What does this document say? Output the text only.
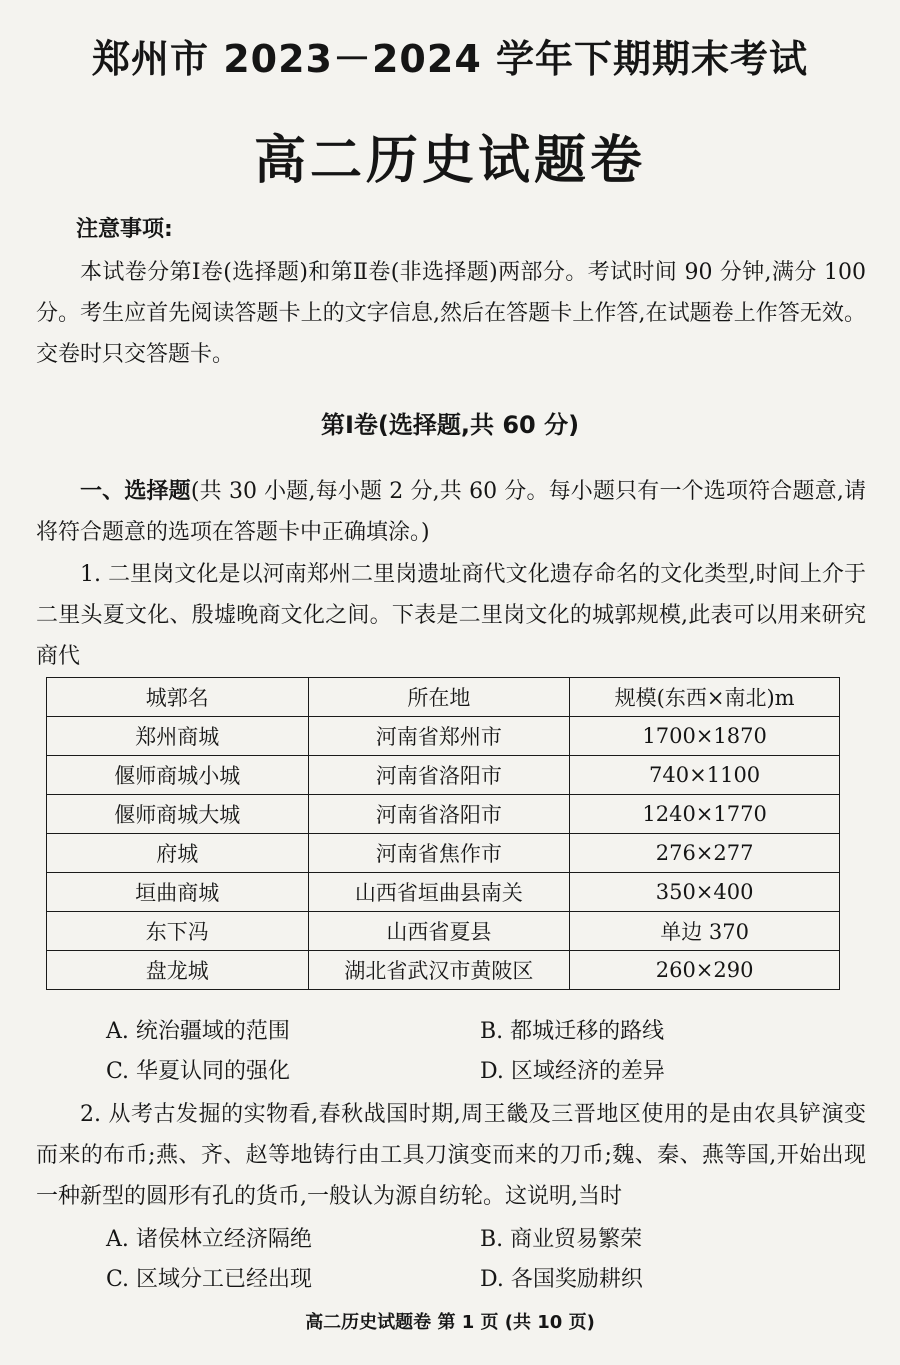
郑州市 2023－2024 学年下期期末考试
高二历史试题卷
注意事项:
本试卷分第Ⅰ卷(选择题)和第Ⅱ卷(非选择题)两部分。考试时间 90 分钟,满分 100 分。考生应首先阅读答题卡上的文字信息,然后在答题卡上作答,在试题卷上作答无效。交卷时只交答题卡。
第Ⅰ卷(选择题,共 60 分)
一、选择题(共 30 小题,每小题 2 分,共 60 分。每小题只有一个选项符合题意,请将符合题意的选项在答题卡中正确填涂。)
1. 二里岗文化是以河南郑州二里岗遗址商代文化遗存命名的文化类型,时间上介于二里头夏文化、殷墟晚商文化之间。下表是二里岗文化的城郭规模,此表可以用来研究商代
城郭名	所在地	规模(东西×南北)m
郑州商城	河南省郑州市	1700×1870
偃师商城小城	河南省洛阳市	740×1100
偃师商城大城	河南省洛阳市	1240×1770
府城	河南省焦作市	276×277
垣曲商城	山西省垣曲县南关	350×400
东下冯	山西省夏县	单边 370
盘龙城	湖北省武汉市黄陂区	260×290
A. 统治疆域的范围	B. 都城迁移的路线
C. 华夏认同的强化	D. 区域经济的差异
2. 从考古发掘的实物看,春秋战国时期,周王畿及三晋地区使用的是由农具铲演变而来的布币;燕、齐、赵等地铸行由工具刀演变而来的刀币;魏、秦、燕等国,开始出现一种新型的圆形有孔的货币,一般认为源自纺轮。这说明,当时
A. 诸侯林立经济隔绝	B. 商业贸易繁荣
C. 区域分工已经出现	D. 各国奖励耕织
高二历史试题卷 第 1 页 (共 10 页)
